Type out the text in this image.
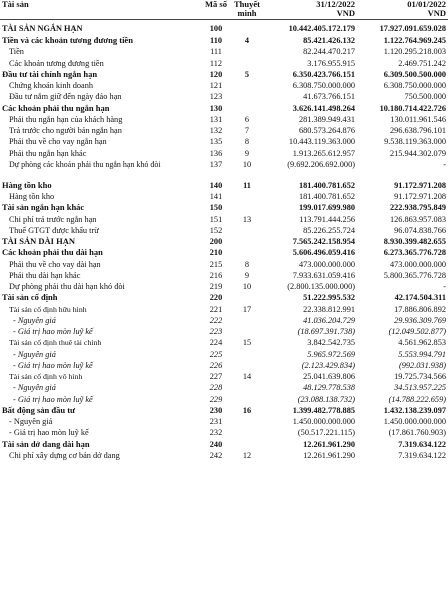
Tài sản	Mã số	Thuyết	31/12/2022	01/01/2022
		minh	VND	VND
TÀI SẢN NGẮN HẠN	100		10.442.405.172.179	17.927.091.659.028
Tiền và các khoản tương đương tiền	110	4	85.421.426.132	1.122.764.969.245
Tiền	111		82.244.470.217	1.120.295.218.003
Các khoản tương đương tiền	112		3.176.955.915	2.469.751.242
Đầu tư tài chính ngắn hạn	120	5	6.350.423.766.151	6.309.500.500.000
Chứng khoán kinh doanh	121		6.308.750.000.000	6.308.750.000.000
Đầu tư nắm giữ đến ngày đáo hạn	123		41.673.766.151	750.500.000
Các khoản phải thu ngắn hạn	130		3.626.141.498.264	10.180.714.422.726
Phải thu ngắn hạn của khách hàng	131	6	281.389.949.431	130.011.961.546
Trả trước cho người bán ngắn hạn	132	7	680.573.264.876	296.638.796.101
Phải thu về cho vay ngắn hạn	135	8	10.443.119.363.000	9.538.119.363.000
Phải thu ngắn hạn khác	136	9	1.913.265.612.957	215.944.302.079
Dự phòng các khoản phải thu ngắn hạn khó đòi	137	10	(9.692.206.692.000)	-
Hàng tồn kho	140	11	181.400.781.652	91.172.971.208
Hàng tồn kho	141		181.400.781.652	91.172.971.208
Tài sản ngắn hạn khác	150		199.017.699.980	222.938.795.849
Chi phí trả trước ngắn hạn	151	13	113.791.444.256	126.863.957.083
Thuế GTGT được khấu trừ	152		85.226.255.724	96.074.838.766
TÀI SẢN DÀI HẠN	200		7.565.242.158.954	8.930.399.482.655
Các khoản phải thu dài hạn	210		5.606.496.059.416	6.273.365.776.728
Phải thu về cho vay dài hạn	215	8	473.000.000.000	473.000.000.000
Phải thu dài hạn khác	216	9	7.933.631.059.416	5.800.365.776.728
Dự phòng phải thu dài hạn khó đòi	219	10	(2.800.135.000.000)	-
Tài sản cố định	220		51.222.995.532	42.174.504.311
Tài sản cố định hữu hình	221	17	22.338.812.991	17.886.806.892
- Nguyên giá	222		41.036.204.729	29.936.309.769
- Giá trị hao mòn luỹ kế	223		(18.697.391.738)	(12.049.502.877)
Tài sản cố định thuê tài chính	224	15	3.842.542.735	4.561.962.853
- Nguyên giá	225		5.965.972.569	5.553.994.791
- Giá trị hao mòn luỹ kế	226		(2.123.429.834)	(992.031.938)
Tài sản cố định vô hình	227	14	25.041.639.806	19.725.734.566
- Nguyên giá	228		48.129.778.538	34.513.957.225
- Giá trị hao mòn luỹ kế	229		(23.088.138.732)	(14.788.222.659)
Bất động sản đầu tư	230	16	1.399.482.778.885	1.432.138.239.097
- Nguyên giá	231		1.450.000.000.000	1.450.000.000.000
- Giá trị hao mòn luỹ kế	232		(50.517.221.115)	(17.861.760.903)
Tài sản dở dang dài hạn	240		12.261.961.290	7.319.634.122
Chi phí xây dựng cơ bản dở dang	242	12	12.261.961.290	7.319.634.122
